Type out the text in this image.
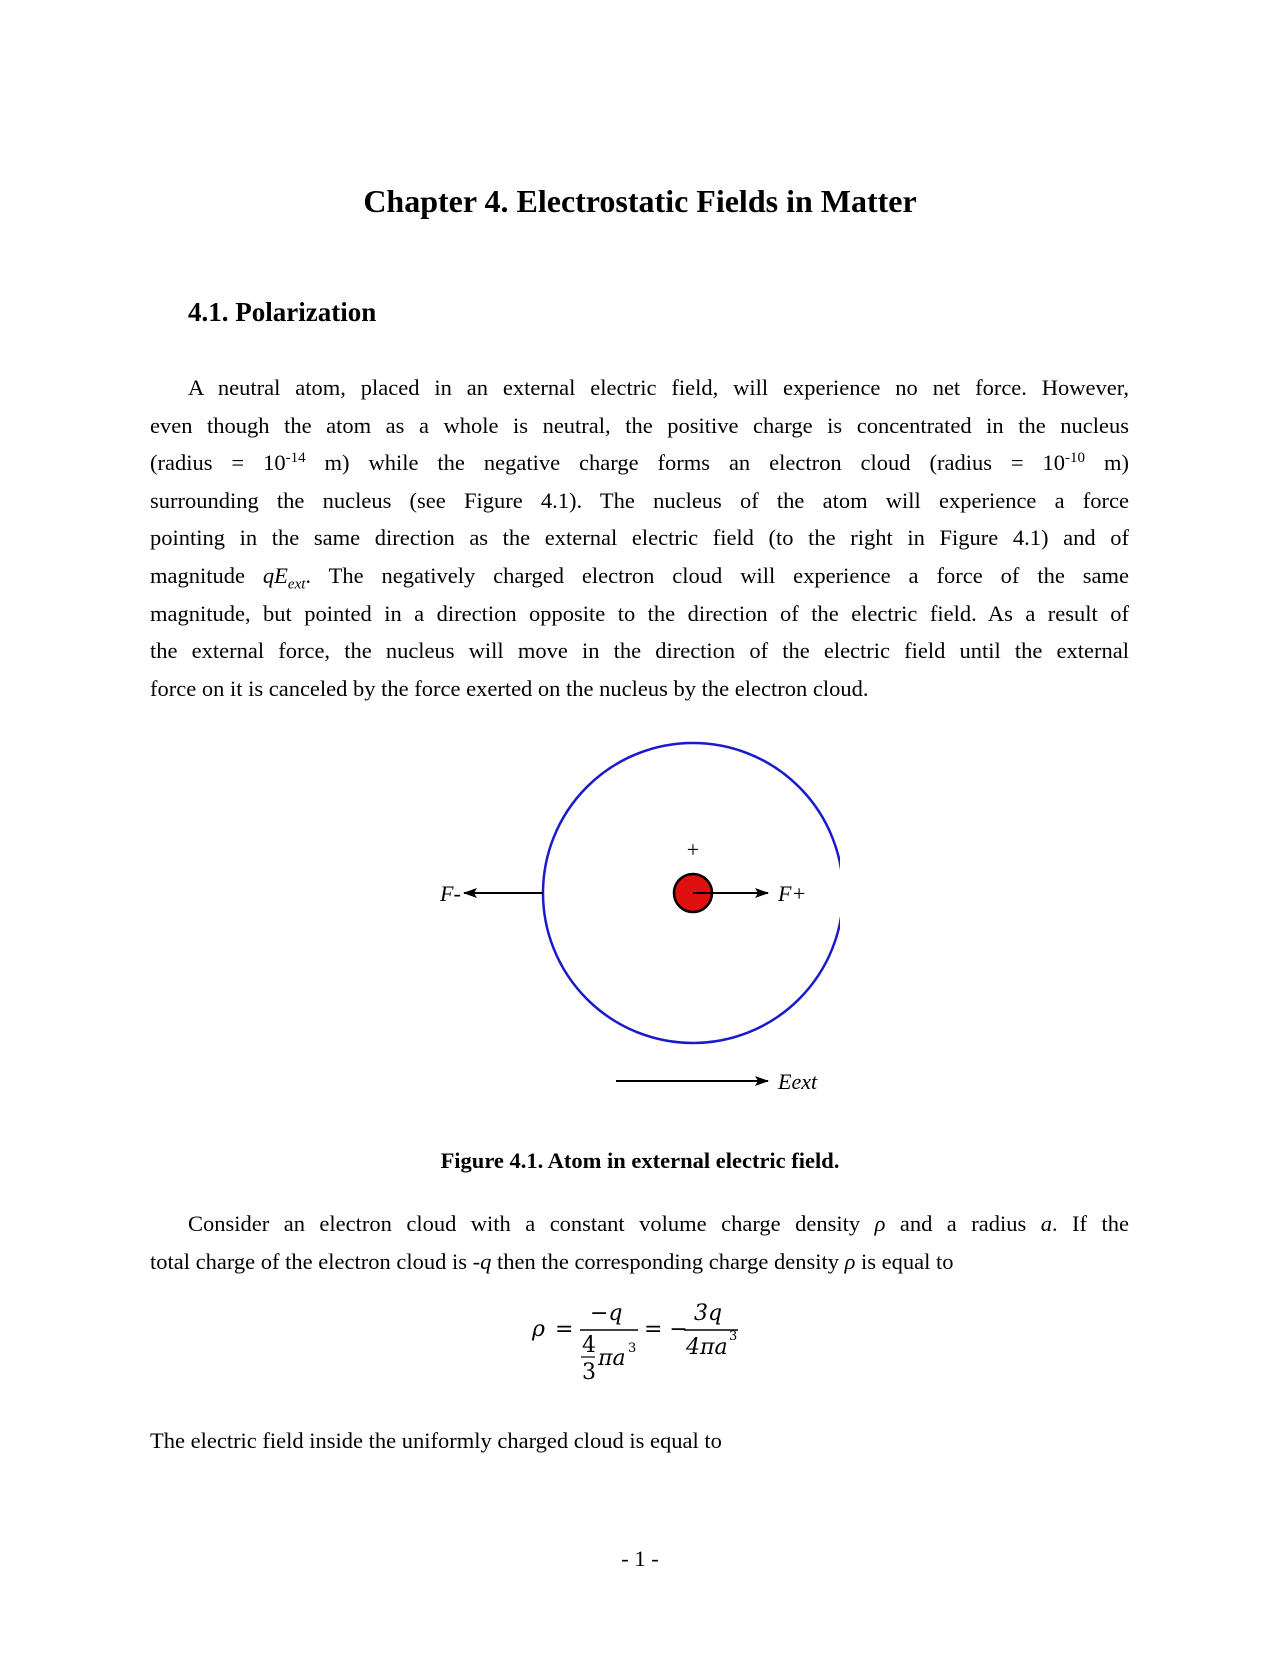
Chapter 4. Electrostatic Fields in Matter
4.1. Polarization
A neutral atom, placed in an external electric field, will experience no net force. However,
even though the atom as a whole is neutral, the positive charge is concentrated in the nucleus
(radius = $10^{-14}$ m) while the negative charge forms an electron cloud (radius = $10^{-10}$ m)
surrounding the nucleus (see Figure 4.1). The nucleus of the atom will experience a force
pointing in the same direction as the external electric field (to the right in Figure 4.1) and of
magnitude $qE_{ext}$. The negatively charged electron cloud will experience a force of the same
magnitude, but pointed in a direction opposite to the direction of the electric field. As a result of
the external force, the nucleus will move in the direction of the electric field until the external
force on it is canceled by the force exerted on the nucleus by the electron cloud.
+
F+
F-
Eext

Figure 4.1. Atom in external electric field.

Consider an electron cloud with a constant volume charge density ρ and a radius a. If the
total charge of the electron cloud is -q then the corresponding charge density ρ is equal to
ρ =
−q
4
3
πa 3
= −
3q
4πa 3

The electric field inside the uniformly charged cloud is equal to

- 1 -
